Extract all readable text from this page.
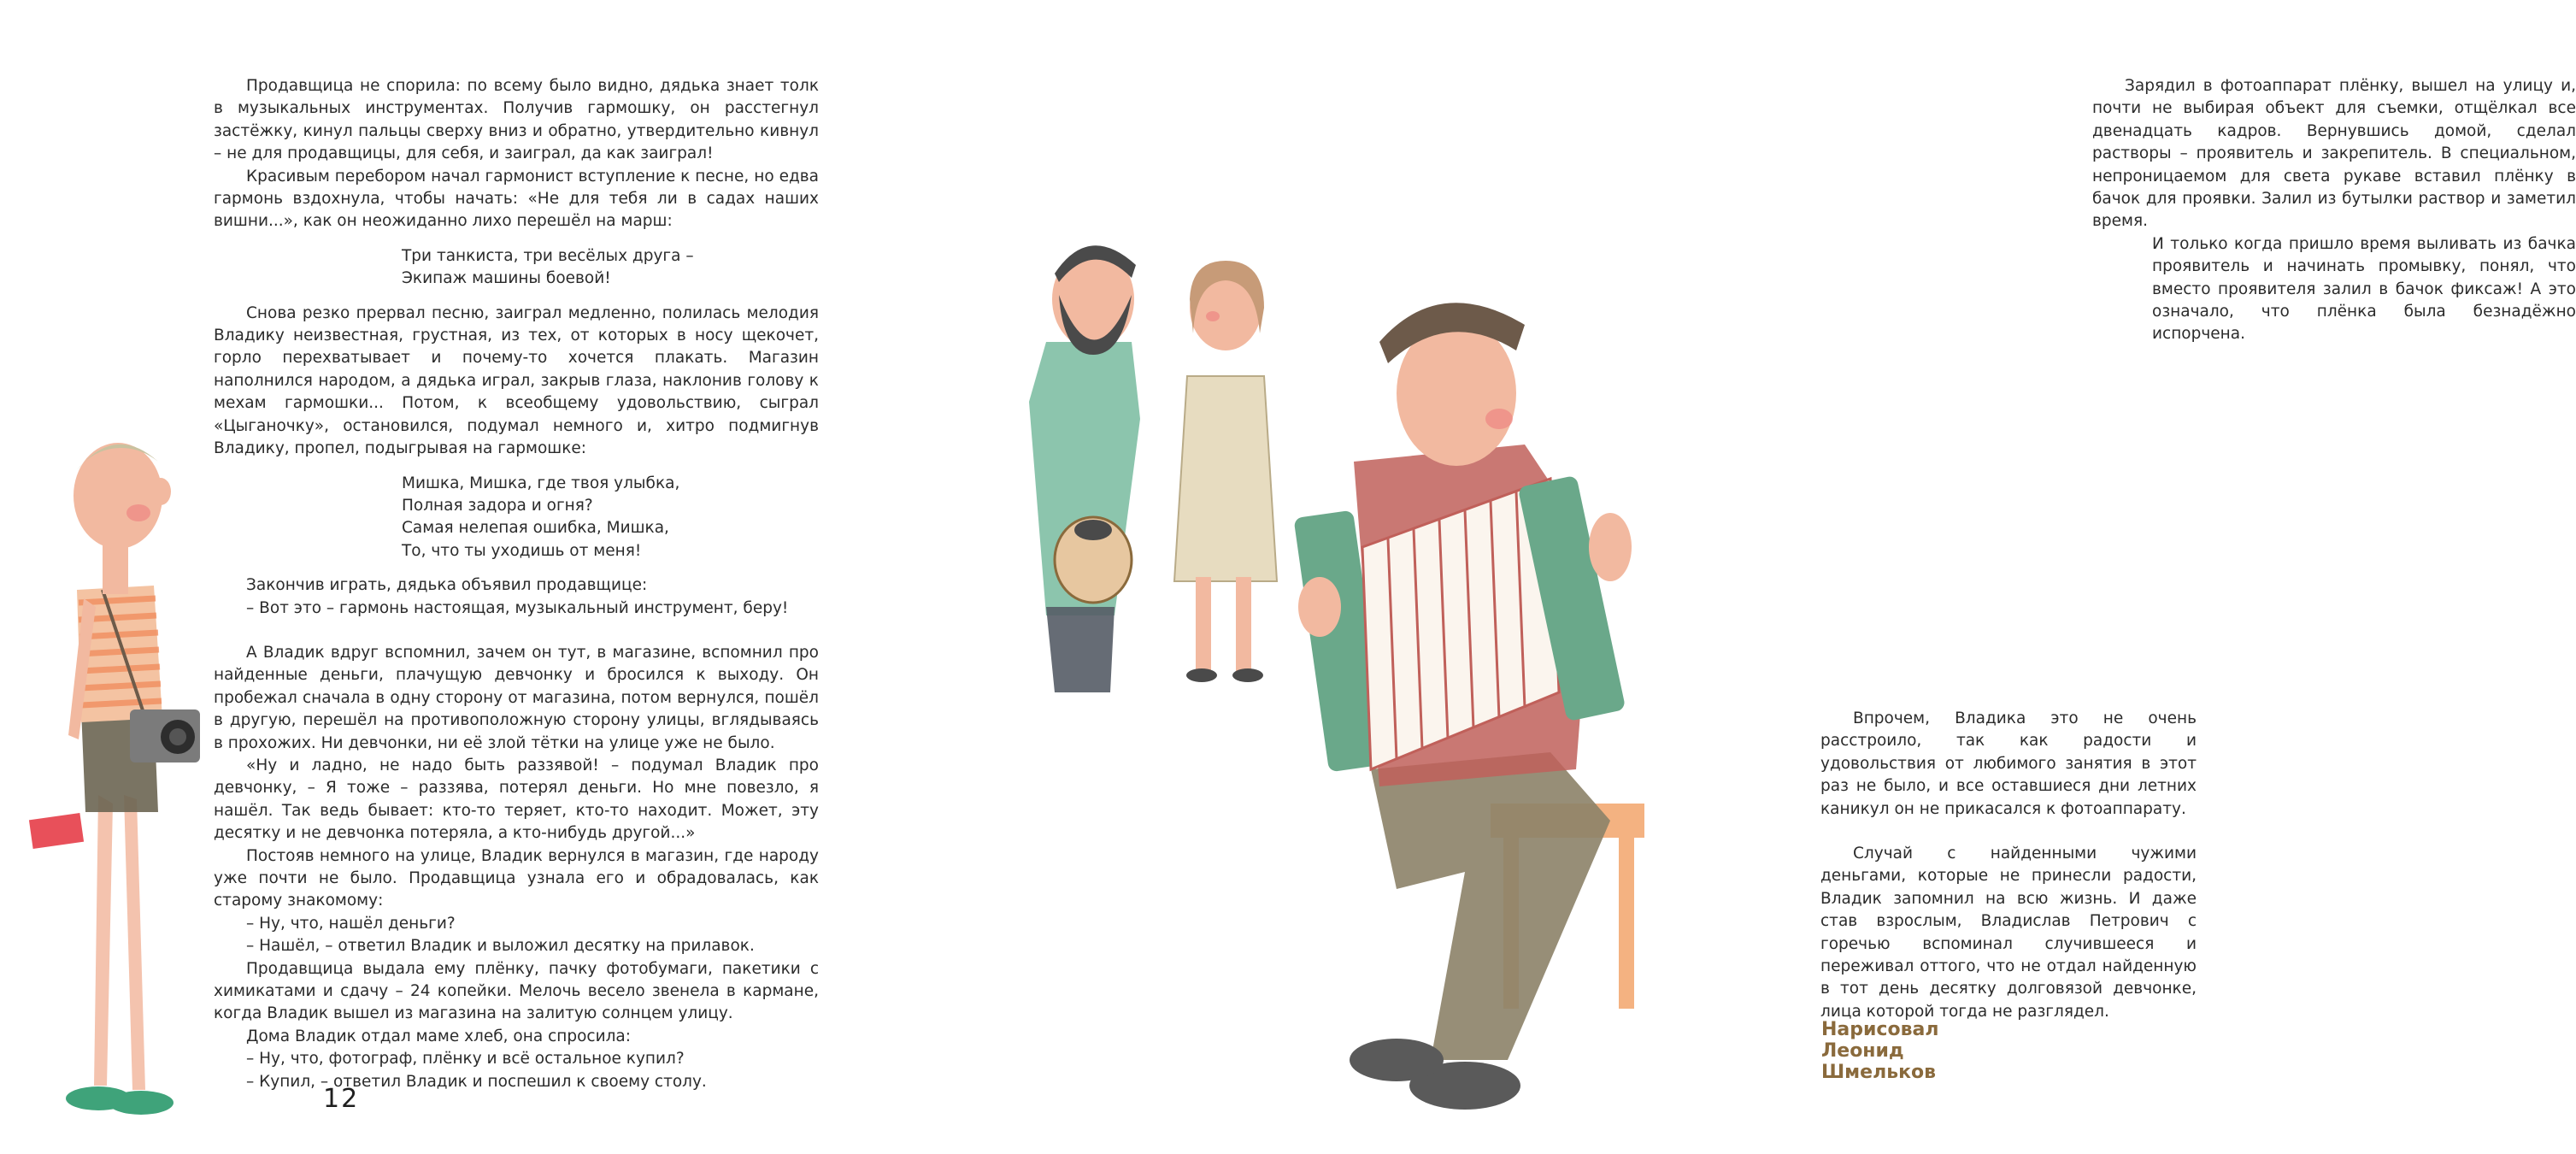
Продавщица не спорила: по всему было видно, дядька знает толк в музыкальных инструментах. Получив гармошку, он расстегнул застёжку, кинул пальцы сверху вниз и обратно, утвердительно кивнул – не для продавщицы, для себя, и заиграл, да как заиграл!

Красивым перебором начал гармонист вступление к песне, но едва гармонь вздохнула, чтобы начать: «Не для тебя ли в садах наших вишни...», как он неожиданно лихо перешёл на марш:

Три танкиста, три весёлых друга –
Экипаж машины боевой!

Снова резко прервал песню, заиграл медленно, полилась мелодия Владику неизвестная, грустная, из тех, от которых в носу щекочет, горло перехватывает и почему-то хочется плакать. Магазин наполнился народом, а дядька играл, закрыв глаза, наклонив голову к мехам гармошки... Потом, к всеобщему удовольствию, сыграл «Цыганочку», остановился, подумал немного и, хитро подмигнув Владику, пропел, подыгрывая на гармошке:

Мишка, Мишка, где твоя улыбка,
Полная задора и огня?
Самая нелепая ошибка, Мишка,
То, что ты уходишь от меня!

Закончив играть, дядька объявил продавщице:

– Вот это – гармонь настоящая, музыкальный инструмент, беру!

А Владик вдруг вспомнил, зачем он тут, в магазине, вспомнил про найденные деньги, плачущую девчонку и бросился к выходу. Он пробежал сначала в одну сторону от магазина, потом вернулся, пошёл в другую, перешёл на противоположную сторону улицы, вглядываясь в прохожих. Ни девчонки, ни её злой тётки на улице уже не было.

«Ну и ладно, не надо быть раззявой! – подумал Владик про девчонку, – Я тоже – раззява, потерял деньги. Но мне повезло, я нашёл. Так ведь бывает: кто-то теряет, кто-то находит. Может, эту десятку и не девчонка потеряла, а кто-нибудь другой...»

Постояв немного на улице, Владик вернулся в магазин, где народу уже почти не было. Продавщица узнала его и обрадовалась, как старому знакомому:

– Ну, что, нашёл деньги?

– Нашёл, – ответил Владик и выложил десятку на прилавок.

Продавщица выдала ему плёнку, пачку фотобумаги, пакетики с химикатами и сдачу – 24 копейки. Мелочь весело звенела в кармане, когда Владик вышел из магазина на залитую солнцем улицу.

Дома Владик отдал маме хлеб, она спросила:

– Ну, что, фотограф, плёнку и всё остальное купил?

– Купил, – ответил Владик и поспешил к своему столу.

12

Зарядил в фотоаппарат плёнку, вышел на улицу и, почти не выбирая объект для съемки, отщёлкал все двенадцать кадров. Вернувшись домой, сделал растворы – проявитель и закрепитель. В специальном, непроницаемом для света рукаве вставил плёнку в бачок для проявки. Залил из бутылки раствор и заметил время.

И только когда пришло время выливать из бачка проявитель и начинать промывку, понял, что вместо проявителя залил в бачок фиксаж! А это означало, что плёнка была безнадёжно испорчена.

Впрочем, Владика это не очень расстроило, так как радости и удовольствия от любимого занятия в этот раз не было, и все оставшиеся дни летних каникул он не прикасался к фотоаппарату.

Случай с найденными чужими деньгами, которые не принесли радости, Владик запомнил на всю жизнь. И даже став взрослым, Владислав Петрович с горечью вспоминал случившееся и переживал оттого, что не отдал найденную в тот день десятку долговязой девчонке, лица которой тогда не разглядел.

Нарисовал Леонид Шмельков
